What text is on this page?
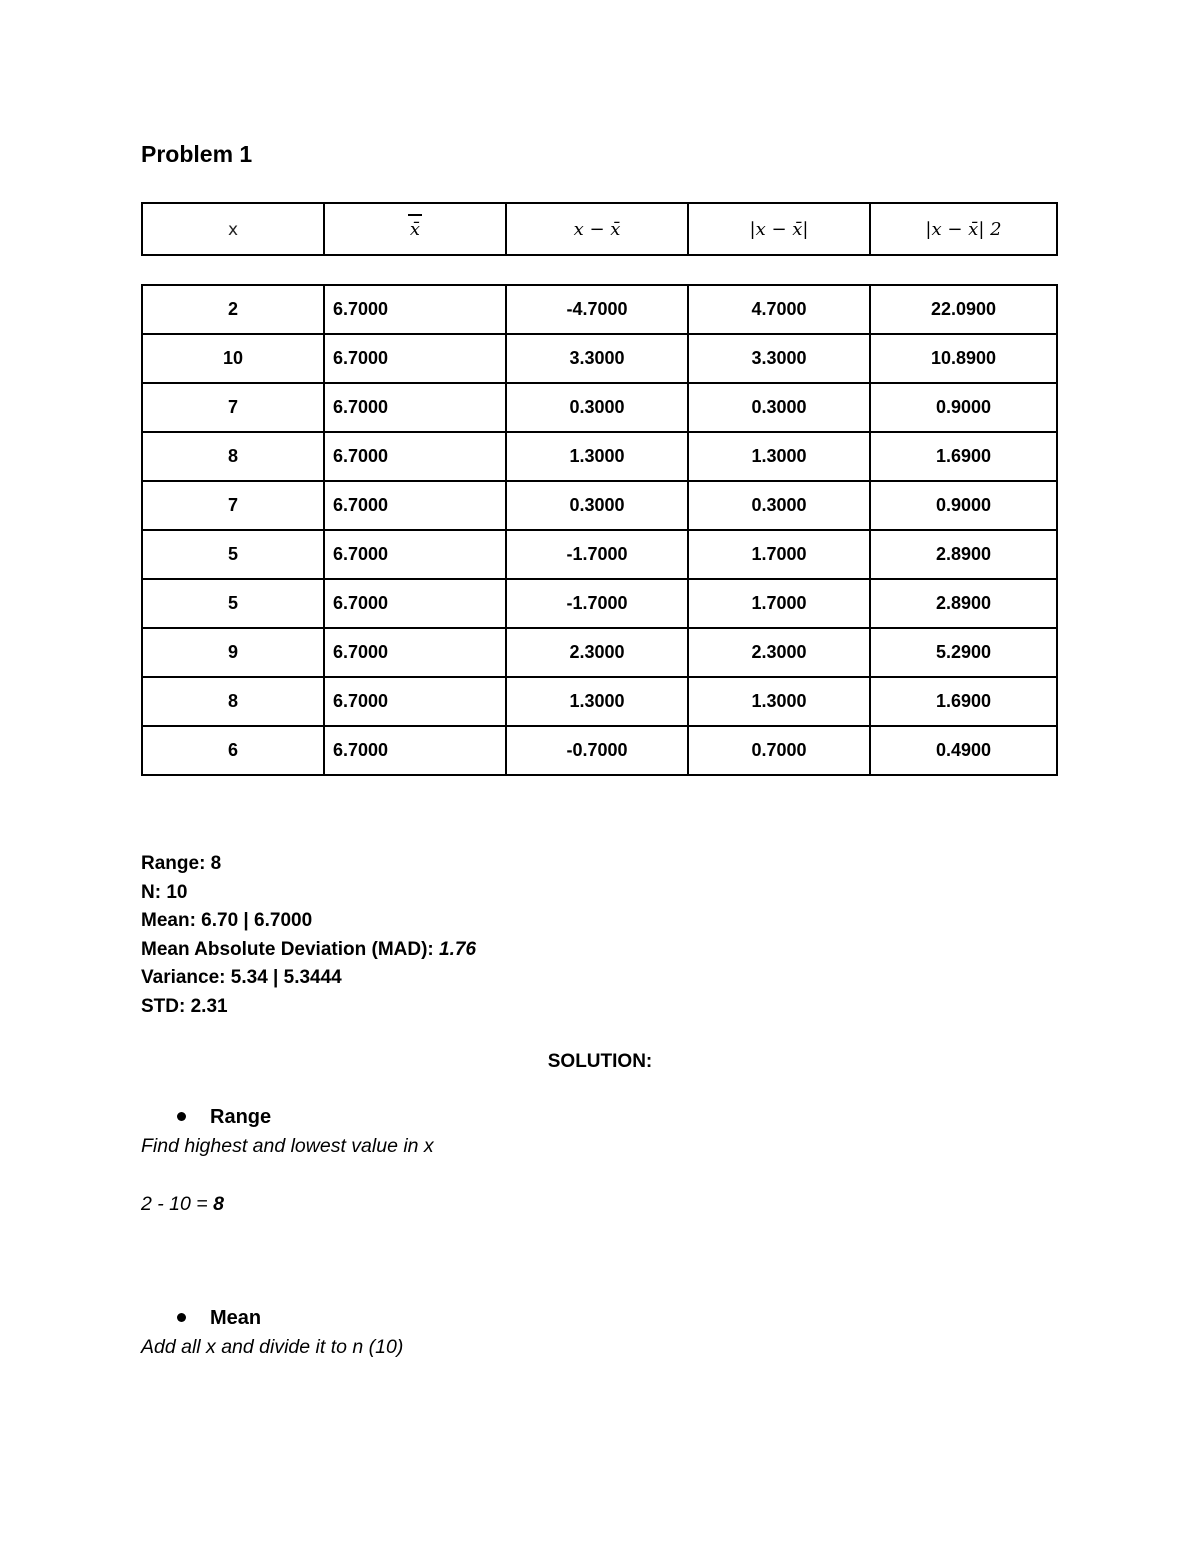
Problem 1
x	x̄	x − x̄	|x − x̄|	|x − x̄| 2
2	6.7000	-4.7000	4.7000	22.0900
10	6.7000	3.3000	3.3000	10.8900
7	6.7000	0.3000	0.3000	0.9000
8	6.7000	1.3000	1.3000	1.6900
7	6.7000	0.3000	0.3000	0.9000
5	6.7000	-1.7000	1.7000	2.8900
5	6.7000	-1.7000	1.7000	2.8900
9	6.7000	2.3000	2.3000	5.2900
8	6.7000	1.3000	1.3000	1.6900
6	6.7000	-0.7000	0.7000	0.4900
Range: 8
N: 10
Mean: 6.70 | 6.7000
Mean Absolute Deviation (MAD): 1.76
Variance: 5.34 | 5.3444
STD: 2.31
SOLUTION:
Range
Find highest and lowest value in x
2 - 10 = 8
Mean
Add all x and divide it to n (10)
